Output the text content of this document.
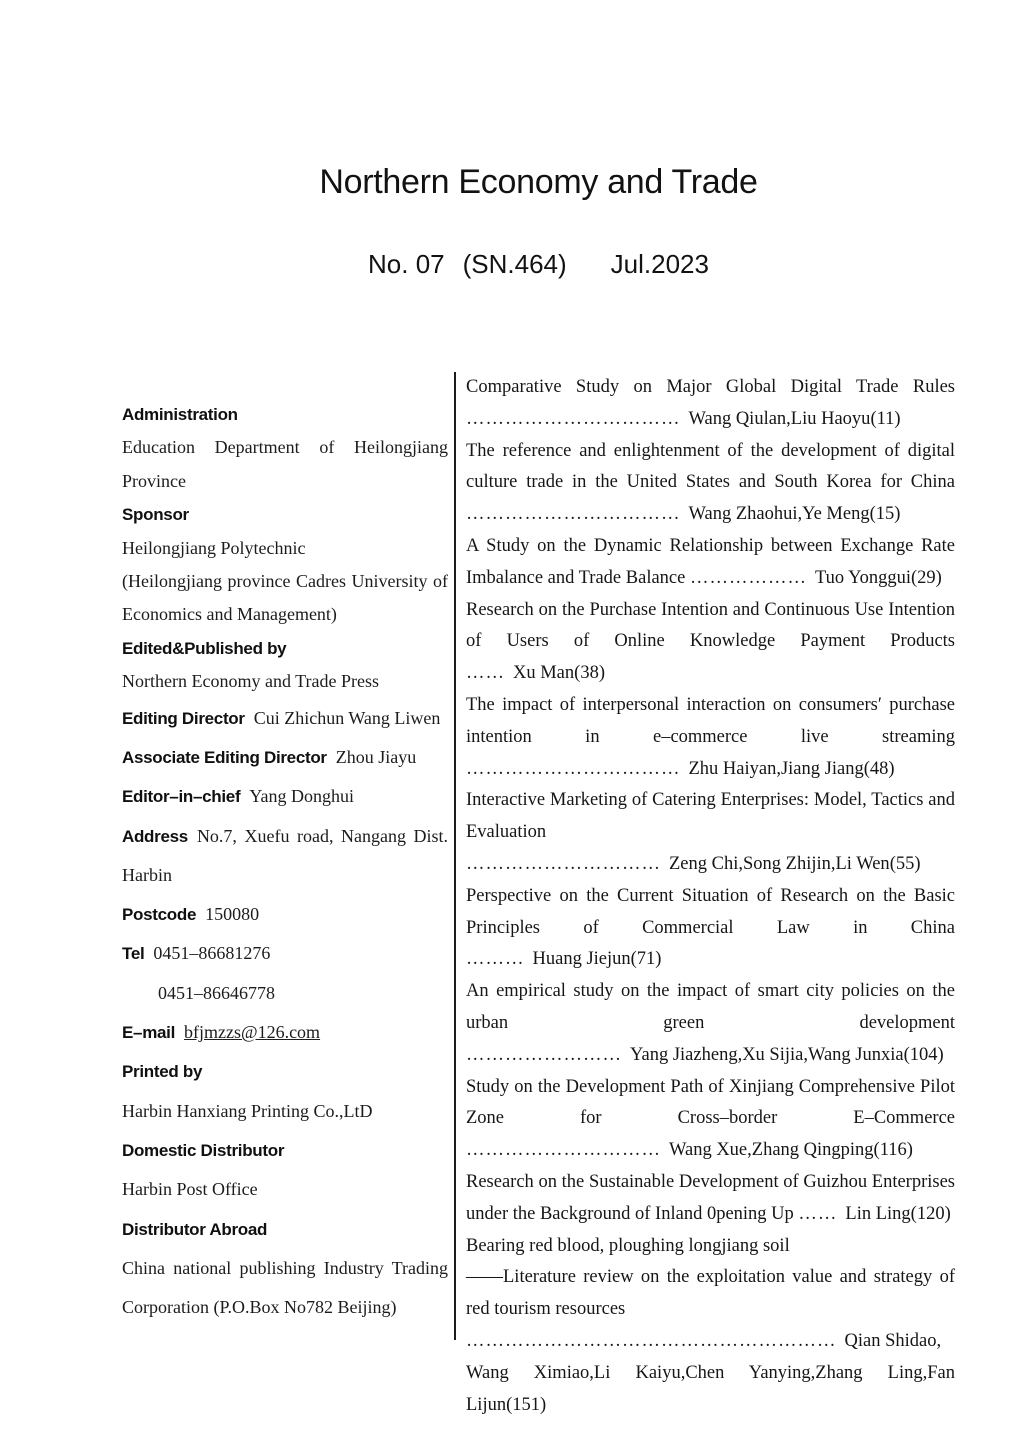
Northern Economy and Trade
No. 07 (SN.464) Jul.2023
Administration
Education Department of Heilongjiang Province
Sponsor
Heilongjiang Polytechnic
(Heilongjiang province Cadres University of Economics and Management)
Edited&Published by
Northern Economy and Trade Press
Editing Director Cui Zhichun Wang Liwen
Associate Editing Director Zhou Jiayu
Editor–in–chief Yang Donghui
Address No.7, Xuefu road, Nangang Dist. Harbin
Postcode 150080
Tel 0451–86681276
0451–86646778
E–mail bfjmzzs@126.com
Printed by
Harbin Hanxiang Printing Co.,LtD
Domestic Distributor
Harbin Post Office
Distributor Abroad
China national publishing Industry Trading Corporation (P.O.Box No782 Beijing)
Comparative Study on Major Global Digital Trade Rules …………………………… Wang Qiulan,Liu Haoyu(11)
The reference and enlightenment of the development of digital culture trade in the United States and South Korea for China …………………………… Wang Zhaohui,Ye Meng(15)
A Study on the Dynamic Relationship between Exchange Rate Imbalance and Trade Balance ……………… Tuo Yonggui(29)
Research on the Purchase Intention and Continuous Use Intention of Users of Online Knowledge Payment Products …… Xu Man(38)
The impact of interpersonal interaction on consumers′ purchase intention in e–commerce live streaming …………………………… Zhu Haiyan,Jiang Jiang(48)
Interactive Marketing of Catering Enterprises: Model, Tactics and Evaluation ………………………… Zeng Chi,Song Zhijin,Li Wen(55)
Perspective on the Current Situation of Research on the Basic Principles of Commercial Law in China ……… Huang Jiejun(71)
An empirical study on the impact of smart city policies on the urban green development …………………… Yang Jiazheng,Xu Sijia,Wang Junxia(104)
Study on the Development Path of Xinjiang Comprehensive Pilot Zone for Cross–border E–Commerce ………………………… Wang Xue,Zhang Qingping(116)
Research on the Sustainable Development of Guizhou Enterprises under the Background of Inland 0pening Up …… Lin Ling(120)
Bearing red blood, ploughing longjiang soil
——Literature review on the exploitation value and strategy of red tourism resources
………………………………………………… Qian Shidao,
Wang Ximiao,Li Kaiyu,Chen Yanying,Zhang Ling,Fan Lijun(151)
